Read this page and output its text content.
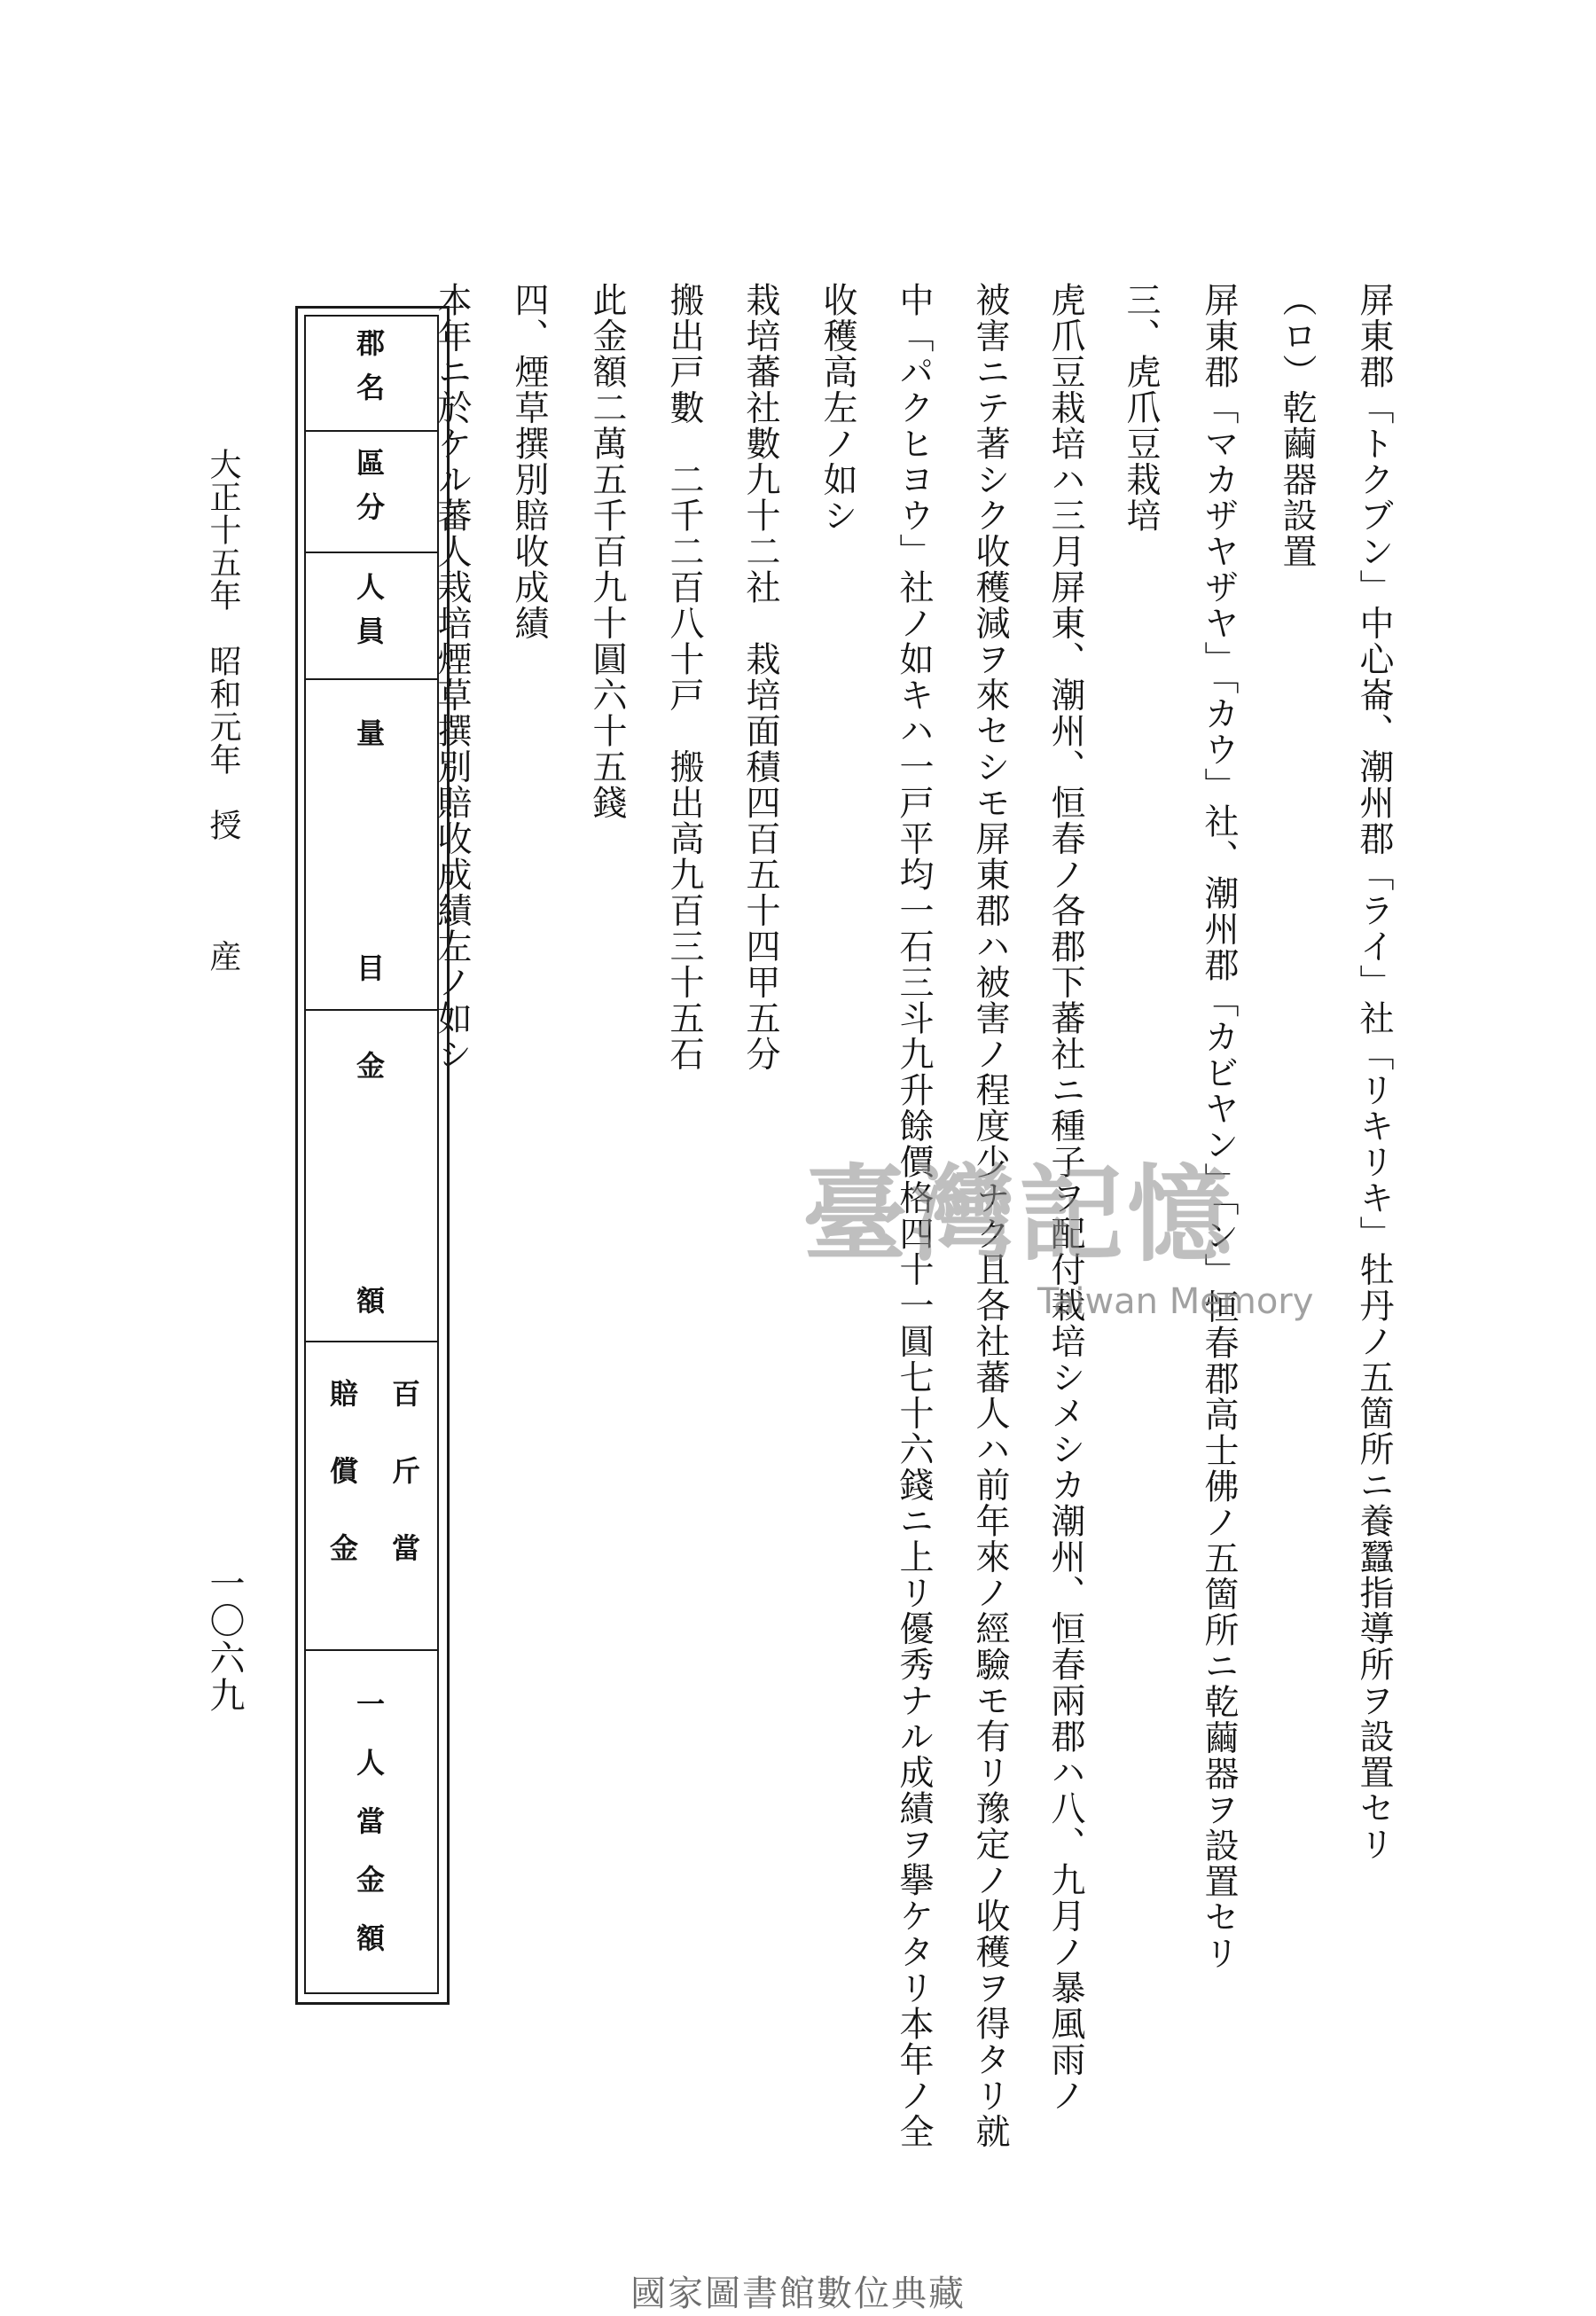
屏東郡「トクブン」中心崙、潮州郡「ライ」社「リキリキ」牡丹ノ五箇所ニ養蠶指導所ヲ設置セリ
（ロ）乾繭器設置
屏東郡「マカザヤザヤ」「カウ」社、潮州郡「カビヤン」「ン」恒春郡高士佛ノ五箇所ニ乾繭器ヲ設置セリ
三、虎爪豆栽培
虎爪豆栽培ハ三月屏東、潮州、恒春ノ各郡下蕃社ニ種子ヲ配付栽培シメシカ潮州、恒春兩郡ハ八、九月ノ暴風雨ノ
被害ニテ著シク收穫減ヲ來セシモ屏東郡ハ被害ノ程度少ナク且各社蕃人ハ前年來ノ經驗モ有リ豫定ノ收穫ヲ得タリ就
中「パクヒヨウ」社ノ如キハ一戸平均一石三斗九升餘價格四十一圓七十六錢ニ上リ優秀ナル成績ヲ擧ケタリ本年ノ全
收穫高左ノ如シ
栽培蕃社數九十二社　栽培面積四百五十四甲五分
搬出戸數　二千二百八十戸　搬出高九百三十五石
此金額二萬五千百九十圓六十五錢
四、煙草撰別賠收成績
本年ニ於ケル蕃人栽培煙草撰別賠收成績左ノ如シ
郡名
區分
人員
量
目
金
額
百斤當
賠償金
一人當金額
大正十五年　昭和元年　授　　　産
一〇六九
臺灣記憶
Taiwan Memory
國家圖書館數位典藏
